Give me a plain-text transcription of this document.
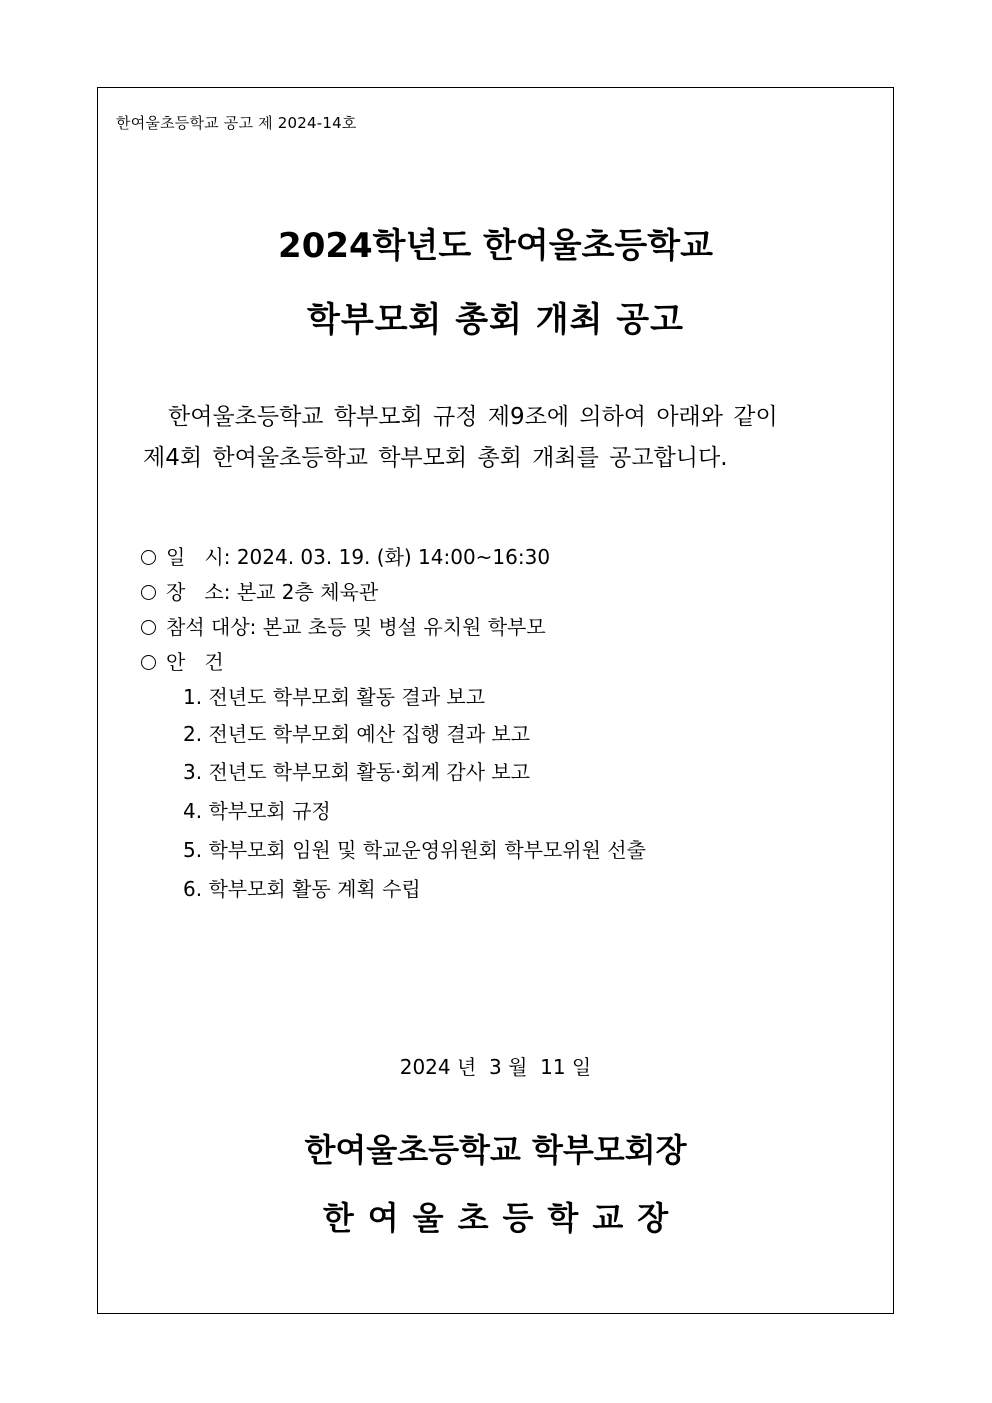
한여울초등학교 공고 제 2024-14호
2024학년도 한여울초등학교
학부모회 총회 개최 공고
한여울초등학교 학부모회 규정 제9조에 의하여 아래와 같이
제4회 한여울초등학교 학부모회 총회 개최를 공고합니다.
일   시: 2024. 03. 19. (화) 14:00~16:30
장   소: 본교 2층 체육관
참석 대상: 본교 초등 및 병설 유치원 학부모
안   건
1. 전년도 학부모회 활동 결과 보고
2. 전년도 학부모회 예산 집행 결과 보고
3. 전년도 학부모회 활동·회계 감사 보고
4. 학부모회 규정
5. 학부모회 임원 및 학교운영위원회 학부모위원 선출
6. 학부모회 활동 계획 수립
2024 년  3 월  11 일
한여울초등학교 학부모회장
한여울초등학교장
